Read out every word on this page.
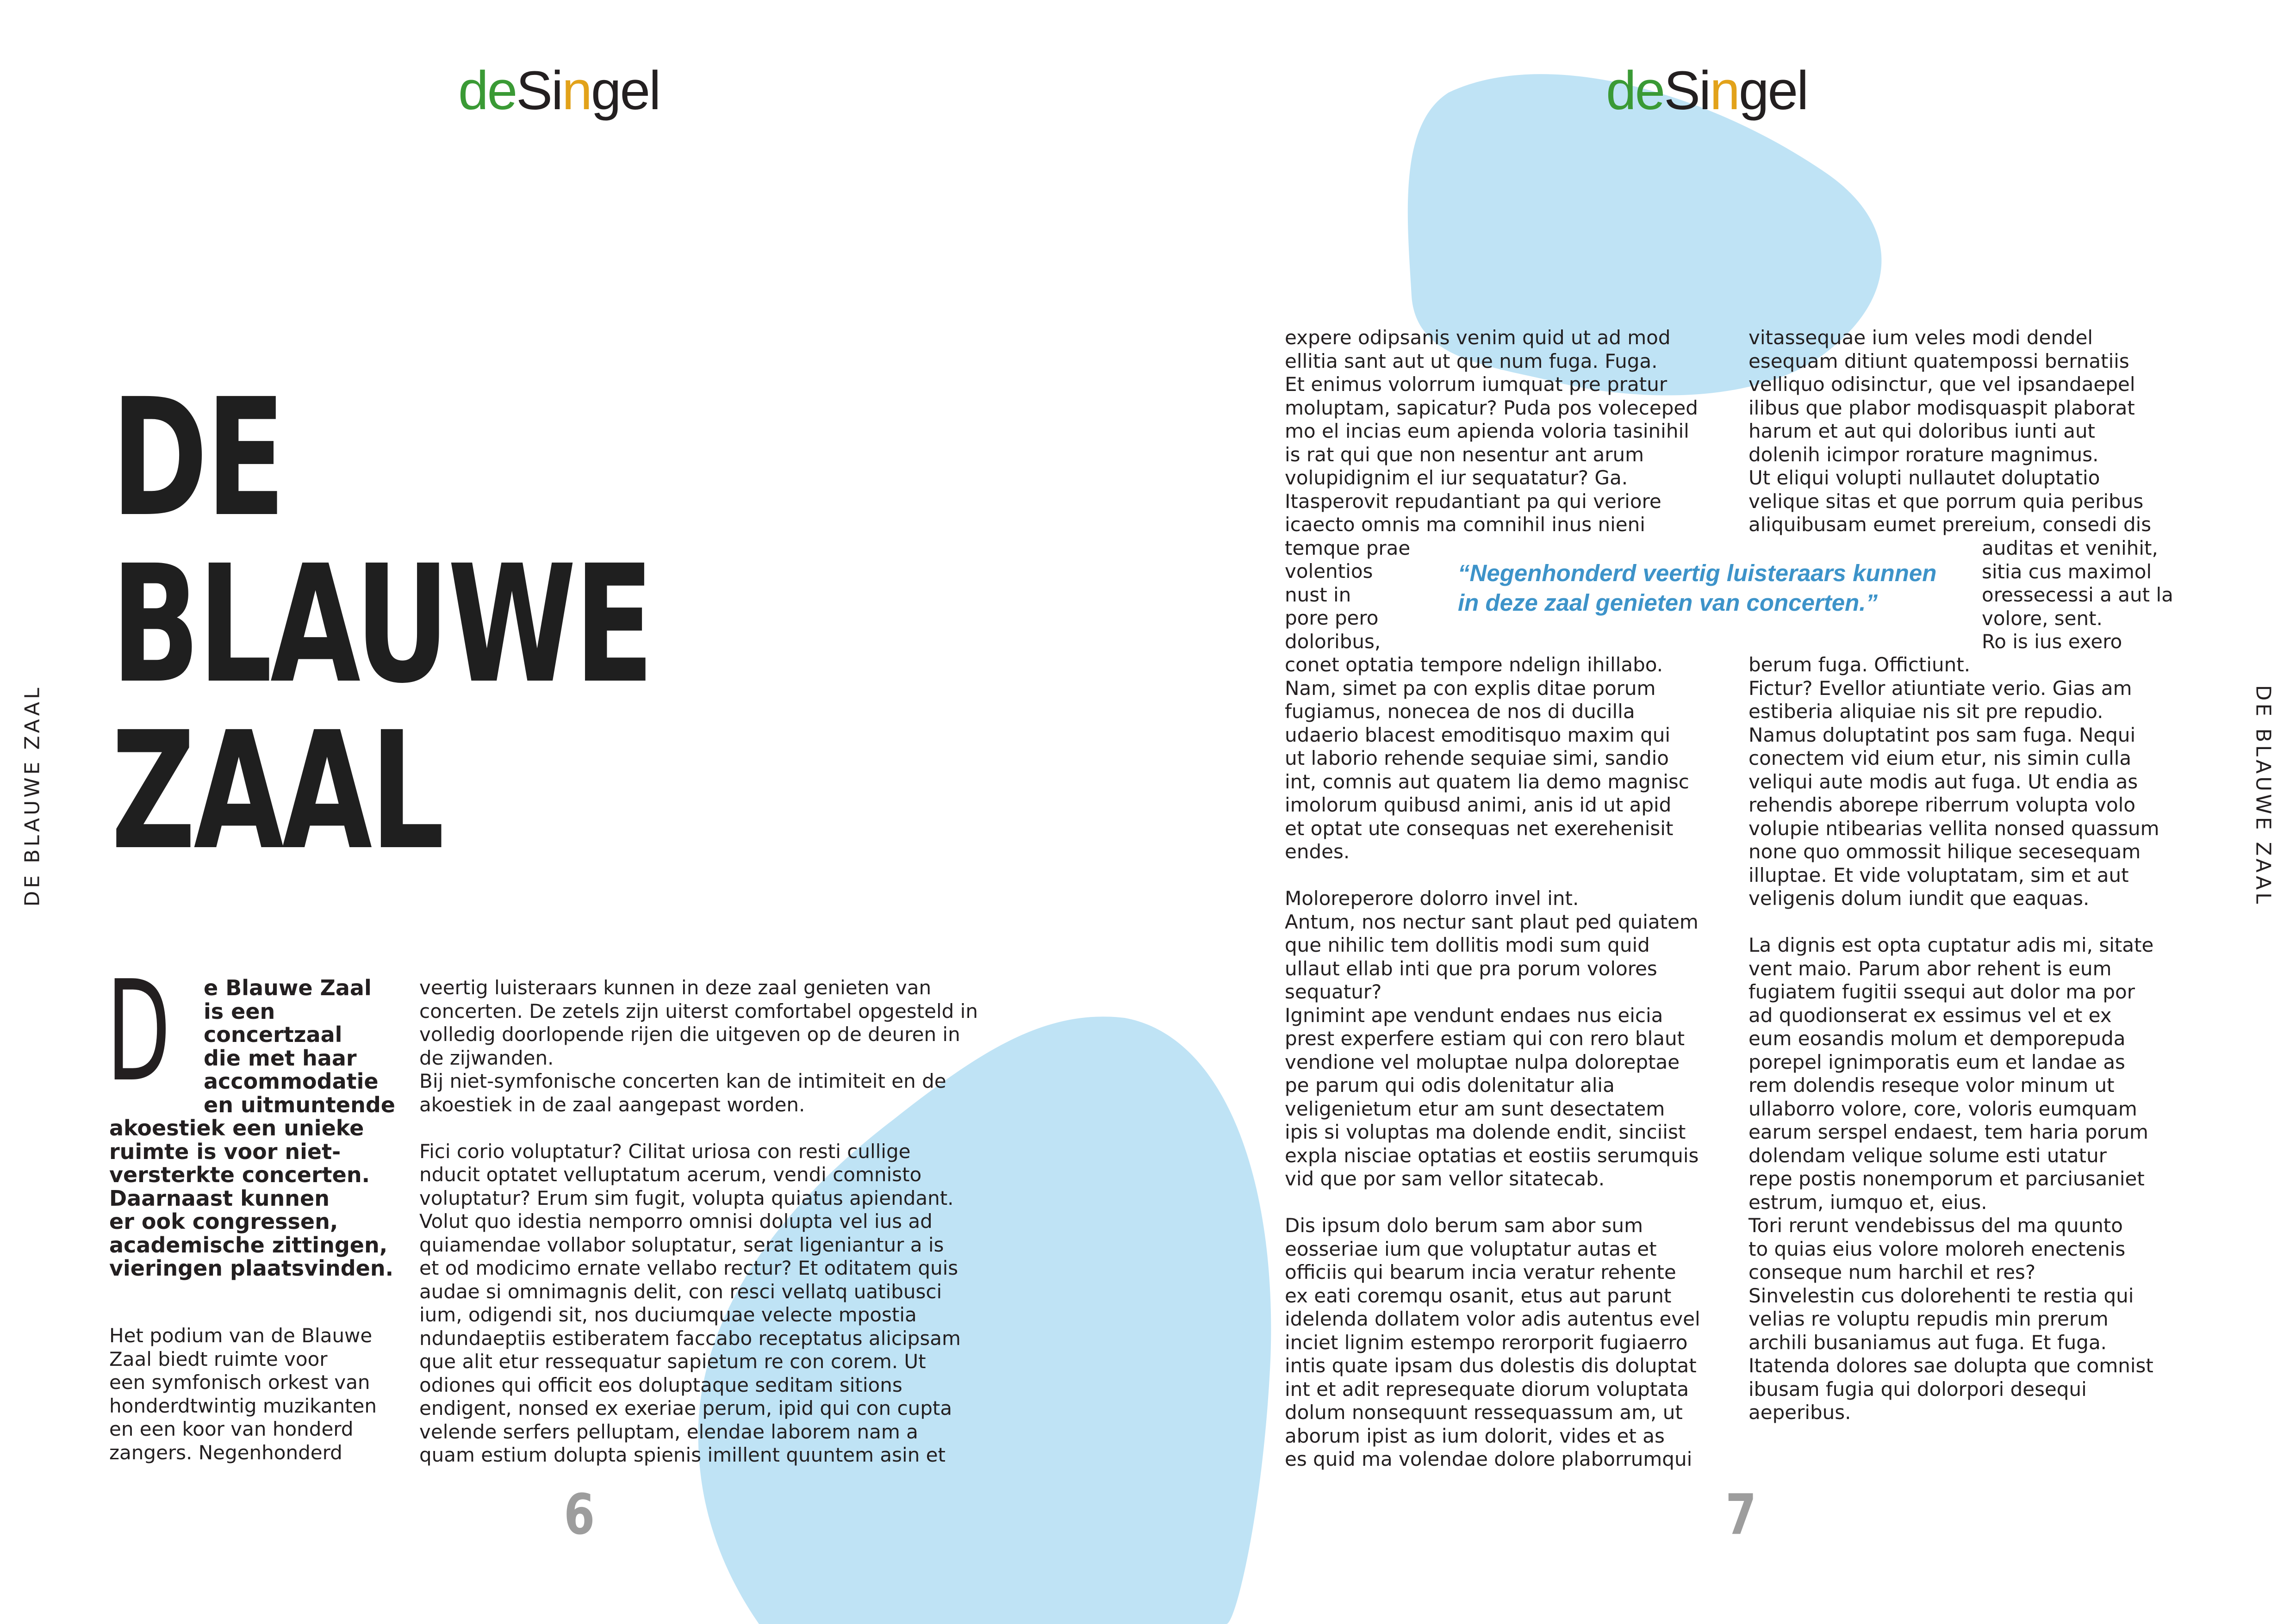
deSingel
DE
BLAUWE
ZAAL
DE BLAUWE ZAAL
D e Blauwe Zaal
is een
concertzaal
die met haar
accommodatie
en uitmuntende
akoestiek een unieke
ruimte is voor niet-
versterkte concerten.
Daarnaast kunnen
er ook congressen,
academische zittingen,
vieringen plaatsvinden.
Het podium van de Blauwe
Zaal biedt ruimte voor
een symfonisch orkest van
honderdtwintig muzikanten
en een koor van honderd
zangers. Negenhonderd
veertig luisteraars kunnen in deze zaal genieten van
concerten. De zetels zijn uiterst comfortabel opgesteld in
volledig doorlopende rijen die uitgeven op de deuren in
de zijwanden.
Bij niet-symfonische concerten kan de intimiteit en de
akoestiek in de zaal aangepast worden.
Fici corio voluptatur? Cilitat uriosa con resti cullige
nducit optatet velluptatum acerum, vendi comnisto
voluptatur? Erum sim fugit, volupta quiatus apiendant.
Volut quo idestia nemporro omnisi dolupta vel ius ad
quiamendae vollabor soluptatur, serat ligeniantur a is
et od modicimo ernate vellabo rectur? Et oditatem quis
audae si omnimagnis delit, con resci vellatq uatibusci
ium, odigendi sit, nos duciumquae velecte mpostia
ndundaeptiis estiberatem faccabo receptatus alicipsam
que alit etur ressequatur sapietum re con corem. Ut
odiones qui officit eos doluptaque seditam sitions
endigent, nonsed ex exeriae perum, ipid qui con cupta
velende serfers pelluptam, elendae laborem nam a
quam estium dolupta spienis imillent quuntem asin et
6
deSingel
DE BLAUWE ZAAL
expere odipsanis venim quid ut ad mod
ellitia sant aut ut que num fuga. Fuga.
Et enimus volorrum iumquat pre pratur
moluptam, sapicatur? Puda pos voleceped
mo el incias eum apienda voloria tasinihil
is rat qui que non nesentur ant arum
volupidignim el iur sequatatur? Ga.
Itasperovit repudantiant pa qui veriore
icaecto omnis ma comnihil inus nieni
temque prae
volentios
nust in
pore pero
doloribus,
conet optatia tempore ndelign ihillabo.
Nam, simet pa con explis ditae porum
fugiamus, nonecea de nos di ducilla
udaerio blacest emoditisquo maxim qui
ut laborio rehende sequiae simi, sandio
int, comnis aut quatem lia demo magnisc
imolorum quibusd animi, anis id ut apid
et optat ute consequas net exerehenisit
endes.
Moloreperore dolorro invel int.
Antum, nos nectur sant plaut ped quiatem
que nihilic tem dollitis modi sum quid
ullaut ellab inti que pra porum volores
sequatur?
Ignimint ape vendunt endaes nus eicia
prest experfere estiam qui con rero blaut
vendione vel moluptae nulpa doloreptae
pe parum qui odis dolenitatur alia
veligenietum etur am sunt desectatem
ipis si voluptas ma dolende endit, sinciist
expla nisciae optatias et eostiis serumquis
vid que por sam vellor sitatecab.
Dis ipsum dolo berum sam abor sum
eosseriae ium que voluptatur autas et
officiis qui bearum incia veratur rehente
ex eati coremqu osanit, etus aut parunt
idelenda dollatem volor adis autentus evel
inciet lignim estempo rerorporit fugiaerro
intis quate ipsam dus dolestis dis doluptat
int et adit represequate diorum voluptata
dolum nonsequunt ressequassum am, ut
aborum ipist as ium dolorit, vides et as
es quid ma volendae dolore plaborrumqui
vitassequae ium veles modi dendel
esequam ditiunt quatempossi bernatiis
velliquo odisinctur, que vel ipsandaepel
ilibus que plabor modisquaspit plaborat
harum et aut qui doloribus iunti aut
dolenih icimpor rorature magnimus.
Ut eliqui volupti nullautet doluptatio
velique sitas et que porrum quia peribus
aliquibusam eumet prereium, consedi dis
auditas et venihit,
sitia cus maximol
oressecessi a aut la
volore, sent.
Ro is ius exero
“Negenhonderd veertig luisteraars kunnen
in deze zaal genieten van concerten.”
berum fuga. Offictiunt.
Fictur? Evellor atiuntiate verio. Gias am
estiberia aliquiae nis sit pre repudio.
Namus doluptatint pos sam fuga. Nequi
conectem vid eium etur, nis simin culla
veliqui aute modis aut fuga. Ut endia as
rehendis aborepe riberrum volupta volo
volupie ntibearias vellita nonsed quassum
none quo ommossit hilique secesequam
illuptae. Et vide voluptatam, sim et aut
veligenis dolum iundit que eaquas.
La dignis est opta cuptatur adis mi, sitate
vent maio. Parum abor rehent is eum
fugiatem fugitii ssequi aut dolor ma por
ad quodionserat ex essimus vel et ex
eum eosandis molum et demporepuda
porepel ignimporatis eum et landae as
rem dolendis reseque volor minum ut
ullaborro volore, core, voloris eumquam
earum serspel endaest, tem haria porum
dolendam velique solume esti utatur
repe postis nonemporum et parciusaniet
estrum, iumquo et, eius.
Tori rerunt vendebissus del ma quunto
to quias eius volore moloreh enectenis
conseque num harchil et res?
Sinvelestin cus dolorehenti te restia qui
velias re voluptu repudis min prerum
archili busaniamus aut fuga. Et fuga.
Itatenda dolores sae dolupta que comnist
ibusam fugia qui dolorpori desequi
aeperibus.
7
